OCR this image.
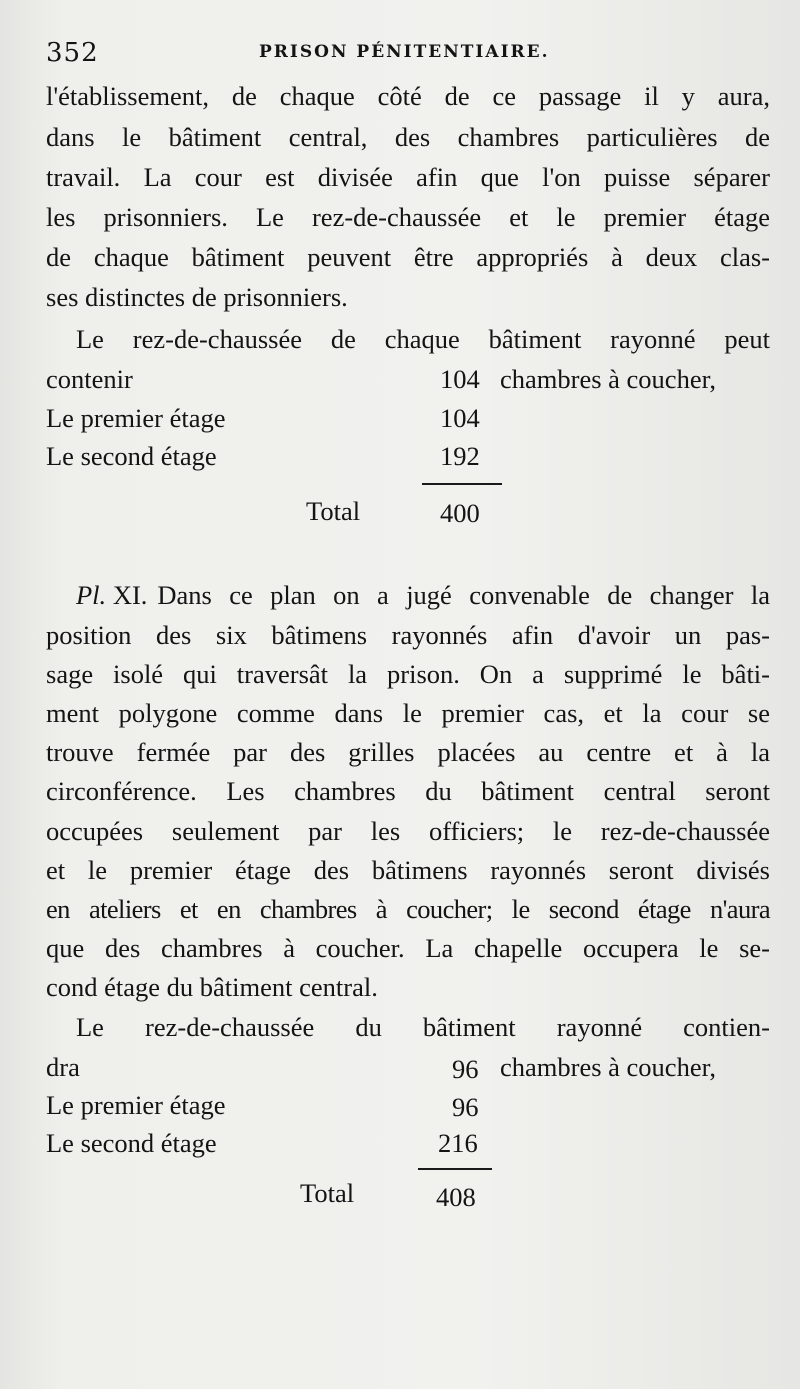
352	PRISON PÉNITENTIAIRE.
l'établissement, de chaque côté de ce passage il y aura,
dans le bâtiment central, des chambres particulières de
travail. La cour est divisée afin que l'on puisse séparer
les prisonniers. Le rez-de-chaussée et le premier étage
de chaque bâtiment peuvent être appropriés à deux clas-
ses distinctes de prisonniers.
Le rez-de-chaussée de chaque bâtiment rayonné peut
contenir	104 chambres à coucher,
Le premier étage	104
Le second étage	192
Total	400
Pl. XI. Dans ce plan on a jugé convenable de changer la
position des six bâtimens rayonnés afin d'avoir un pas-
sage isolé qui traversât la prison. On a supprimé le bâti-
ment polygone comme dans le premier cas, et la cour se
trouve fermée par des grilles placées au centre et à la
circonférence. Les chambres du bâtiment central seront
occupées seulement par les officiers; le rez-de-chaussée
et le premier étage des bâtimens rayonnés seront divisés
en ateliers et en chambres à coucher; le second étage n'aura
que des chambres à coucher. La chapelle occupera le se-
cond étage du bâtiment central.
Le rez-de-chaussée du bâtiment rayonné contien-
dra	96 chambres à coucher,
Le premier étage	96
Le second étage	216
Total	408
